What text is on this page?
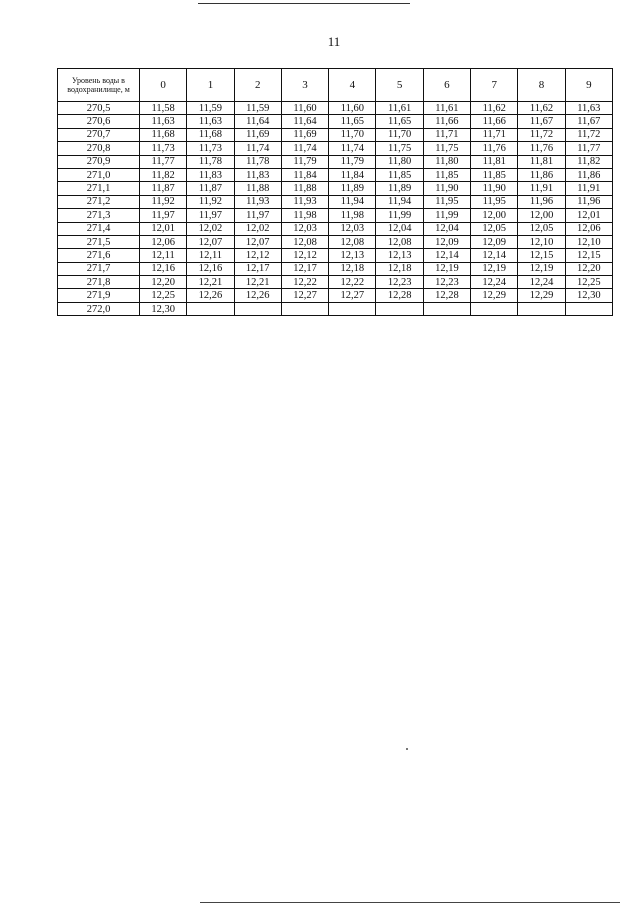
11
Уровень воды в водохранилище, м	0	1	2	3	4	5	6	7	8	9
270,5	11,58	11,59	11,59	11,60	11,60	11,61	11,61	11,62	11,62	11,63
270,6	11,63	11,63	11,64	11,64	11,65	11,65	11,66	11,66	11,67	11,67
270,7	11,68	11,68	11,69	11,69	11,70	11,70	11,71	11,71	11,72	11,72
270,8	11,73	11,73	11,74	11,74	11,74	11,75	11,75	11,76	11,76	11,77
270,9	11,77	11,78	11,78	11,79	11,79	11,80	11,80	11,81	11,81	11,82
271,0	11,82	11,83	11,83	11,84	11,84	11,85	11,85	11,85	11,86	11,86
271,1	11,87	11,87	11,88	11,88	11,89	11,89	11,90	11,90	11,91	11,91
271,2	11,92	11,92	11,93	11,93	11,94	11,94	11,95	11,95	11,96	11,96
271,3	11,97	11,97	11,97	11,98	11,98	11,99	11,99	12,00	12,00	12,01
271,4	12,01	12,02	12,02	12,03	12,03	12,04	12,04	12,05	12,05	12,06
271,5	12,06	12,07	12,07	12,08	12,08	12,08	12,09	12,09	12,10	12,10
271,6	12,11	12,11	12,12	12,12	12,13	12,13	12,14	12,14	12,15	12,15
271,7	12,16	12,16	12,17	12,17	12,18	12,18	12,19	12,19	12,19	12,20
271,8	12,20	12,21	12,21	12,22	12,22	12,23	12,23	12,24	12,24	12,25
271,9	12,25	12,26	12,26	12,27	12,27	12,28	12,28	12,29	12,29	12,30
272,0	12,30									
